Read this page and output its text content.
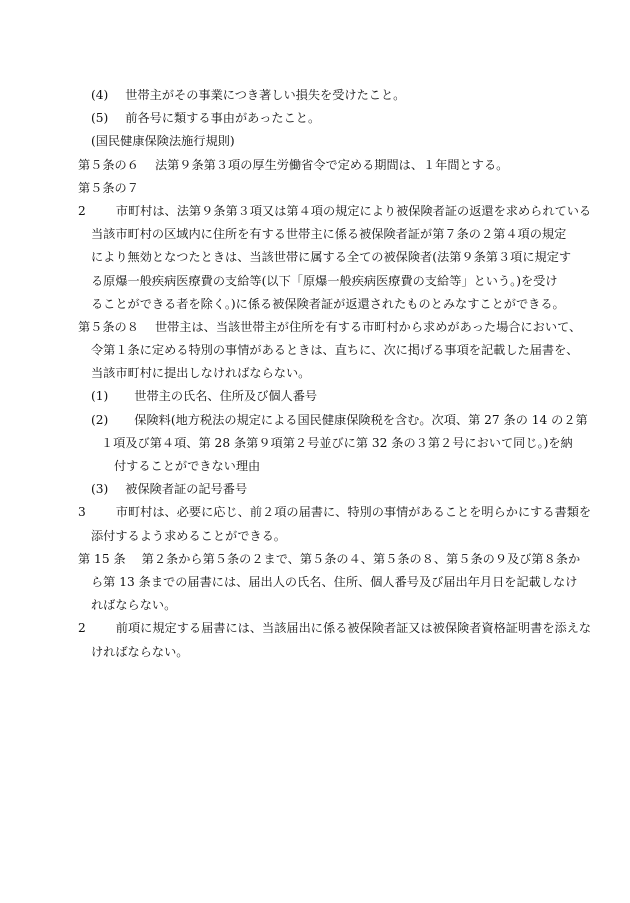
(4) 世帯主がその事業につき著しい損失を受けたこと。
(5) 前各号に類する事由があったこと。
(国民健康保険法施行規則)
第５条の６ 法第９条第３項の厚生労働省令で定める期間は、１年間とする。
第５条の７
2 市町村は、法第９条第３項又は第４項の規定により被保険者証の返還を求められている
当該市町村の区域内に住所を有する世帯主に係る被保険者証が第７条の２第４項の規定
により無効となつたときは、当該世帯に属する全ての被保険者(法第９条第３項に規定す
る原爆一般疾病医療費の支給等(以下「原爆一般疾病医療費の支給等」という。)を受け
ることができる者を除く。)に係る被保険者証が返還されたものとみなすことができる。
第５条の８ 世帯主は、当該世帯主が住所を有する市町村から求めがあった場合において、
令第１条に定める特別の事情があるときは、直ちに、次に掲げる事項を記載した届書を、
当該市町村に提出しなければならない。
(1) 世帯主の氏名、住所及び個人番号
(2) 保険料(地方税法の規定による国民健康保険税を含む。次項、第 27 条の 14 の２第
１項及び第４項、第 28 条第９項第２号並びに第 32 条の３第２号において同じ。)を納
付することができない理由
(3) 被保険者証の記号番号
3 市町村は、必要に応じ、前２項の届書に、特別の事情があることを明らかにする書類を
添付するよう求めることができる。
第 15 条 第２条から第５条の２まで、第５条の４、第５条の８、第５条の９及び第８条か
ら第 13 条までの届書には、届出人の氏名、住所、個人番号及び届出年月日を記載しなけ
ればならない。
2 前項に規定する届書には、当該届出に係る被保険者証又は被保険者資格証明書を添えな
ければならない。
